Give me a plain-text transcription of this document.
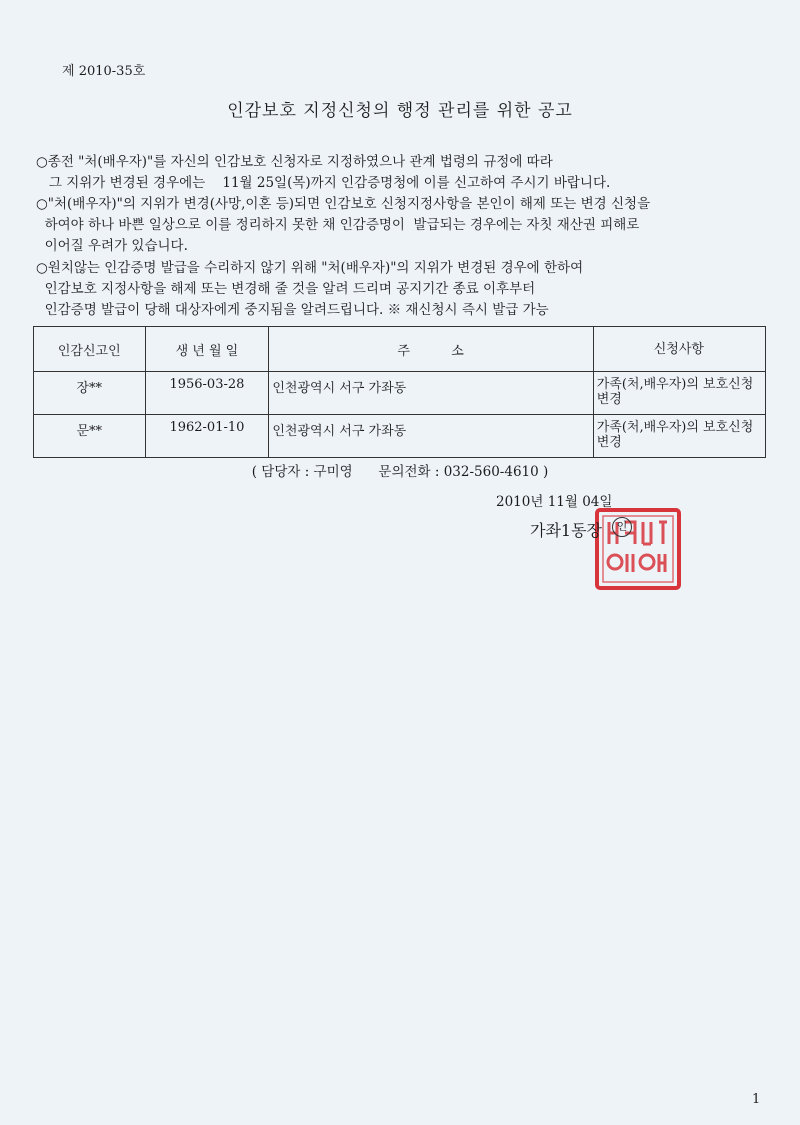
제 2010-35호
인감보호 지정신청의 행정 관리를 위한 공고
○종전 "처(배우자)"를 자신의 인감보호 신청자로 지정하였으나 관계 법령의 규정에 따라
그 지위가 변경된 경우에는    11월 25일(목)까지 인감증명청에 이를 신고하여 주시기 바랍니다.
○"처(배우자)"의 지위가 변경(사망,이혼 등)되면 인감보호 신청지정사항을 본인이 해제 또는 변경 신청을
하여야 하나 바쁜 일상으로 이를 정리하지 못한 채 인감증명이  발급되는 경우에는 자칫 재산권 피해로
이어질 우려가 있습니다.
○원치않는 인감증명 발급을 수리하지 않기 위해 "처(배우자)"의 지위가 변경된 경우에 한하여
인감보호 지정사항을 해제 또는 변경해 줄 것을 알려 드리며 공지기간 종료 이후부터
인감증명 발급이 당해 대상자에게 중지됨을 알려드립니다. ※ 재신청시 즉시 발급 가능
인감신고인	생 년 월 일	주          소	신청사항
장**	1956-03-28	인천광역시 서구 가좌동	가족(처,배우자)의 보호신청 변경
문**	1962-01-10	인천광역시 서구 가좌동	가족(처,배우자)의 보호신청 변경
( 담당자 : 구미영      문의전화 : 032-560-4610 )
2010년 11월 04일
가좌1동장	인
1
